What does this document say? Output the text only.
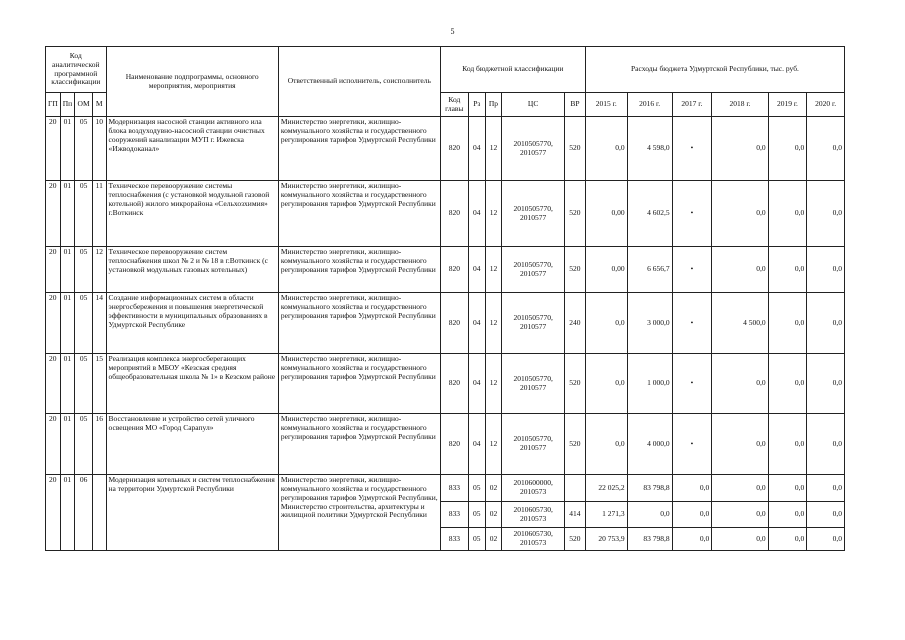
5
Код аналитической программной классификации				Наименование подпрограммы, основного мероприятия, мероприятия	Ответственный исполнитель, соисполнитель	Код бюджетной классификации					Расходы бюджета Удмуртской Республики, тыс. руб.					
ГП	Пп	ОМ	М			Код главы	Рз	Пр	ЦС	ВР	2015 г.	2016 г.	2017 г.	2018 г.	2019 г.	2020 г.
20	01	05	10	Модернизация насосной станции активного ила блока воздуходувно-насосной станции очистных сооружений канализации МУП г. Ижевска «Ижводоканал»	Министерство энергетики, жилищно-коммунального хозяйства и государственного регулирования тарифов Удмуртской Республики	820	04	12	2010505770, 2010577	520	0,0	4 598,0	•	0,0	0,0	0,0
20	01	05	11	Техническое перевооружение системы теплоснабжения (с установкой модульной газовой котельной) жилого микрорайона «Сельхозхимия» г.Воткинск	Министерство энергетики, жилищно-коммунального хозяйства и государственного регулирования тарифов Удмуртской Республики	820	04	12	2010505770, 2010577	520	0,00	4 602,5	•	0,0	0,0	0,0
20	01	05	12	Техническое перевооружение систем теплоснабжения школ № 2 и № 18 в г.Воткинск (с установкой модульных газовых котельных)	Министерство энергетики, жилищно-коммунального хозяйства и государственного регулирования тарифов Удмуртской Республики	820	04	12	2010505770, 2010577	520	0,00	6 656,7	•	0,0	0,0	0,0
20	01	05	14	Создание информационных систем в области энергосбережения и повышения энергетической эффективности в муниципальных образованиях в Удмуртской Республике	Министерство энергетики, жилищно-коммунального хозяйства и государственного регулирования тарифов Удмуртской Республики	820	04	12	2010505770, 2010577	240	0,0	3 000,0	•	4 500,0	0,0	0,0
20	01	05	15	Реализация комплекса энергосберегающих мероприятий в МБОУ «Кезская средняя общеобразовательная школа № 1» в Кезском районе	Министерство энергетики, жилищно-коммунального хозяйства и государственного регулирования тарифов Удмуртской Республики	820	04	12	2010505770, 2010577	520	0,0	1 000,0	•	0,0	0,0	0,0
20	01	05	16	Восстановление и устройство сетей уличного освещения МО «Город Сарапул»	Министерство энергетики, жилищно-коммунального хозяйства и государственного регулирования тарифов Удмуртской Республики	820	04	12	2010505770, 2010577	520	0,0	4 000,0	•	0,0	0,0	0,0
20	01	06		Модернизация котельных и систем теплоснабжения на территории Удмуртской Республики	Министерство энергетики, жилищно-коммунального хозяйства и государственного регулирования тарифов Удмуртской Республики, Министерство строительства, архитектуры и жилищной политики Удмуртской Республики	833	05	02	2010600000, 2010573		22 025,2	83 798,8	0,0	0,0	0,0	0,0
						833	05	02	2010605730, 2010573	414	1 271,3	0,0	0,0	0,0	0,0	0,0
						833	05	02	2010605730, 2010573	520	20 753,9	83 798,8	0,0	0,0	0,0	0,0
